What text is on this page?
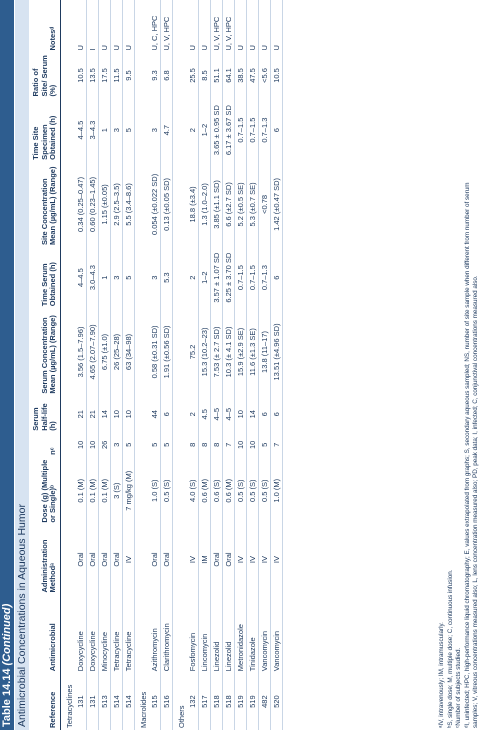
Table 14.14 (Continued) Antimicrobial Concentrations in Aqueous Humor	Reference	Antimicrobial	Administration Methodᵃ	Dose (g) (Multiple or Single)ᵇ	nᶜ	Serum Half-life (h)	Serum Concentration Mean (µg/mL) (Range)	Time Serum Obtained (h)	Site Concentration Mean (µg/mL) (Range)	Time Site Specimen Obtained (h)	Ratio of Site/ Serum (%)	Notesᵈ
Tetracyclines											
131	Doxycycline	Oral	0.1 (M)	10	21	3.56 (1.5–7.96)	4–4.5	0.34 (0.25–0.47)	4–4.5	10.5	U
131	Doxycycline	Oral	0.1 (M)	10	21	4.65 (2.07–7.90)	3.0–4.3	0.60 (0.23–1.45)	3–4.3	13.5	I
513	Minocycline	Oral	0.1 (M)	26	14	6.75 (±1.0)	1	1.15 (±0.05)	1	17.5	U
514	Tetracycline	Oral	3 (S)	3	10	26 (25–28)	3	2.9 (2.5–3.5)	3	11.5	U
514	Tetracycline	IV	7 mg/kg (M)	5	10	63 (34–98)	5	5.5 (3.4–8.6)	5	9.5	U
Macrolides											
515	Azithromycin	Oral	1.0 (S)	5	44	0.58 (±0.31 SD)	3	0.054 (±0.022 SD)	3	9.3	U, C, HPC
516	Clarithromycin	Oral	0.5 (S)	5	6	1.91 (±0.56 SD)	5.3	0.13 (±0.05 SD)	4.7	6.8	U, V, HPC
Others											
132	Fosfomycin	IV	4.0 (S)	8	2	75.2	2	18.8 (±3.4)	2	25.5	U
517	Lincomycin	IM	0.6 (M)	8	4.5	15.3 (10.2–23)	1–2	1.3 (1.0–2.0)	1–2	8.5	U
518	Linezolid	Oral	0.6 (S)	8	4–5	7.53 (± 2.7 SD)	3.57 ± 1.07 SD	3.85 (±1.1 SD)	3.65 ± 0.95 SD	51.1	U, V, HPC
518	Linezolid	Oral	0.6 (M)	7	4–5	10.3 (± 4.1 SD)	6.25 ± 3.70 SD	6.6 (±2.7 SD)	6.17 ± 3.67 SD	64.1	U, V, HPC
519	Metronidazole	IV	0.5 (S)	10	10	15.9 (±2.9 SE)	0.7–1.5	5.2 (±0.5 SE)	0.7–1.5	38.5	U
519	Tinidazole	IV	0.5 (S)	10	14	11.6 (±1.3 SE)	0.7–1.5	5.3 (±0.7 SE)	0.7–1.5	47.5	U
482	Vancomycin	IV	0.5 (S)	5	6	13.8 (11–17)	0.7–1.3	<0.78	0.7–1.3	<5.6	U
520	Vancomycin	IV	1.0 (M)	7	6	13.51 (±4.96 SD)	6	1.42 (±0.47 SD)	6	10.5	U
ᵃIV, intravenously; IM, intramuscularly. ᵇS, single dose; M, multiple dose; C, continuous infusion. ᶜNumber of subjects studied. ᵈI, uninfected; HPC, high-performance liquid chromatography; E, values extrapolated from graphs; S, secondary aqueous sampled; NS, number of site sample when different from number of serum samples; V, vitreous concentrations measured also; L, lens concentration measured also; PD, peak data; I, infected; C, conjunctival concentrations measured also.
